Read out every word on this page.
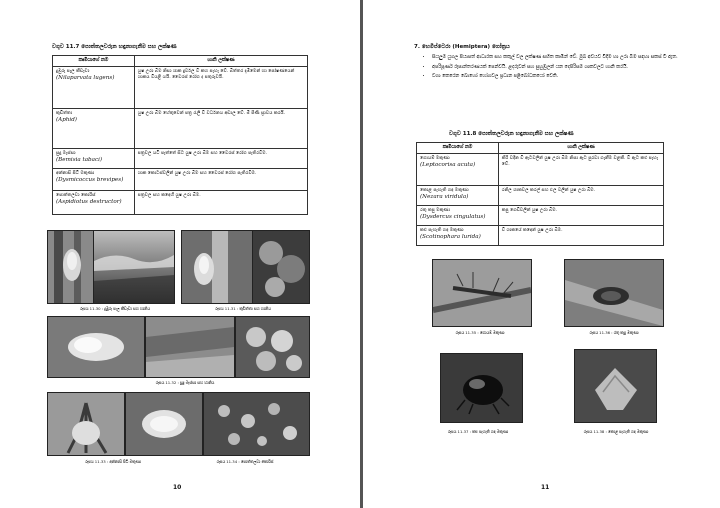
වගුව 11.7 පොත්තලවරුන හඳුනාගැනීම සහ ලක්ෂණ
කෘමියාගේ නම	හානි ලක්ෂණ

දුඹුරු පැල කීඩෑවා
(Nilaparvata lugens)	යුෂ උරා බීම නිසා ශාක දුර්වල වී කහ පැහැ වේ. බිත්තර දැමීමෙන් හා පෝෂණයෙන් ශාකය වියළී යයි. වෛරස් රෝග ද පතුරුවයි.

කුඩිත්තා
(Aphid)	යුෂ උරා බීම හේතුවෙන් පත්‍ර රැලි වී වර්ධනය අඩාල වේ. මී පිණි ස්‍රාවය කරයි.

සුදු මැස්සා
(Bemisia tabaci)	පත්‍රවල යටි පැත්තේ සිට යුෂ උරා බීම සහ වෛරස් රෝග පැතිරවීම.

අන්නාසි පිටි මකුණා
(Dysmicoccus brevipes)	ශාක කොටස්වලින් යුෂ උරා බීම සහ වෛරස් රෝග පැතිරවීම.

පොත්තලවා කොරිස්
(Aspidiotus destructor)	පත්‍රවල සහ කඳෙහි යුෂ උරා බීම.
රූපය 11.30 : දුඹුරු පැල කීඩෑවා සහ හානිය	රූපය 11.31 : කුඩිත්තා සහ හානිය
රූපය 11.32 : සුදු මැස්සා සහ හානිය
රූපය 11.33 : අන්නාසි පිටි මකුණා	රූපය 11.34 : පොත්තලවා කොරිස්
10
7. හෙමිප්ටෙරා (Hemiptera) ගෝත්‍රය
• සියලුම යුගල පියාපත් ආධාරක සහ කකුල් වල ලක්ෂණ සහිත කෘමීන් වේ. මුඛ අවයව විදීම හා උරා බීම සඳහා සකස් වී ඇත.
• අපරිපූර්ණ රූපාන්තරණයක් පෙන්වයි. ළදරුවන් සහ සුහුඹුලන් යන දෙපිරිසම ශාකවලට හානි කරයි.
• වගා කෙරෙන බොහෝ භෝගවල ප්‍රධාන පළිබෝධකයෝ වෙති.
වගුව 11.8 පොත්තලවරුන හඳුනාගැනීම සහ ලක්ෂණ
කෘමියාගේ නම	හානි ලක්ෂණ

ගොයම් මකුණා
(Leptocorisa acuta)	කිරි වදින වී ඇටවලින් යුෂ උරා බීම නිසා ඇට පුරවා ගැනීම වළකී. වී ඇට කළු පැහැ වේ.

කොළ පැහැති ගඳ මකුණා
(Nezara viridula)	රනිල ශාකවල කරල් සහ ඵල වලින් යුෂ උරා බීම.

රතු කපු මකුණා
(Dysdercus cingulatus)	කපු ගෙඩිවලින් යුෂ උරා බීම.

කළු පැහැති ගඳ මකුණා
(Scotinophara lurida)	වී ශාකයේ කඳෙන් යුෂ උරා බීම.
රූපය 11.35 : ගොයම් මකුණා	රූපය 11.36 : රතු කපු මකුණා
රූපය 11.37 : කළු පැහැති ගඳ මකුණා	රූපය 11.38 : කොළ පැහැති ගඳ මකුණා
11
